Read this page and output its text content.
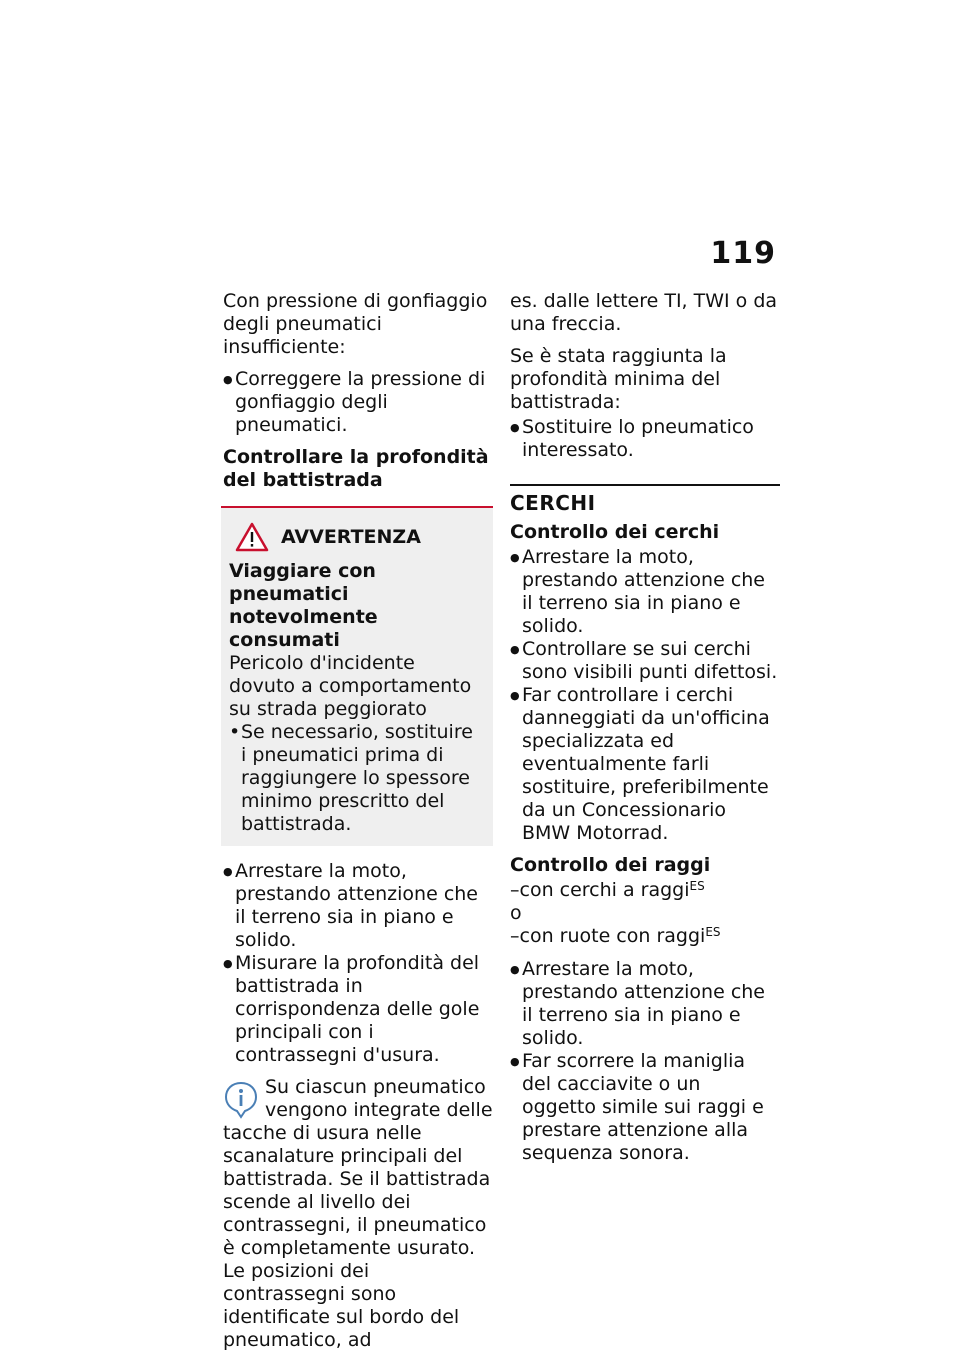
119

Con pressione di gonfiaggio
degli pneumatici insufficiente:

● Correggere la pressione di gonfiaggio degli pneumatici.
Controllare la profondità del battistrada
AVVERTENZA
Viaggiare con pneumatici notevolmente consumati
Pericolo d'incidente dovuto a comportamento su strada peggiorato
• Se necessario, sostituire i pneumatici prima di raggiungere lo spessore minimo prescritto del battistrada.
● Arrestare la moto, prestando attenzione che il terreno sia in piano e solido.
● Misurare la profondità del battistrada in corrispondenza delle gole principali con i contrassegni d'usura.
Su ciascun pneumatico vengono integrate delle tacche di usura nelle scanalature principali del battistrada. Se il battistrada scende al livello dei contrassegni, il pneumatico è completamente usurato. Le posizioni dei contrassegni sono identificate sul bordo del pneumatico, ad

es. dalle lettere TI, TWI o da una freccia.

Se è stata raggiunta la profondità minima del battistrada:

● Sostituire lo pneumatico interessato.
CERCHI
Controllo dei cerchi
● Arrestare la moto, prestando attenzione che il terreno sia in piano e solido.
● Controllare se sui cerchi sono visibili punti difettosi.
● Far controllare i cerchi danneggiati da un'officina specializzata ed eventualmente farli sostituire, preferibilmente da un Concessionario BMW Motorrad.
Controllo dei raggi
–con cerchi a raggi$^{ES}$
o
–con ruote con raggi$^{ES}$
● Arrestare la moto, prestando attenzione che il terreno sia in piano e solido.
● Far scorrere la maniglia del cacciavite o un oggetto simile sui raggi e prestare attenzione alla sequenza sonora.
